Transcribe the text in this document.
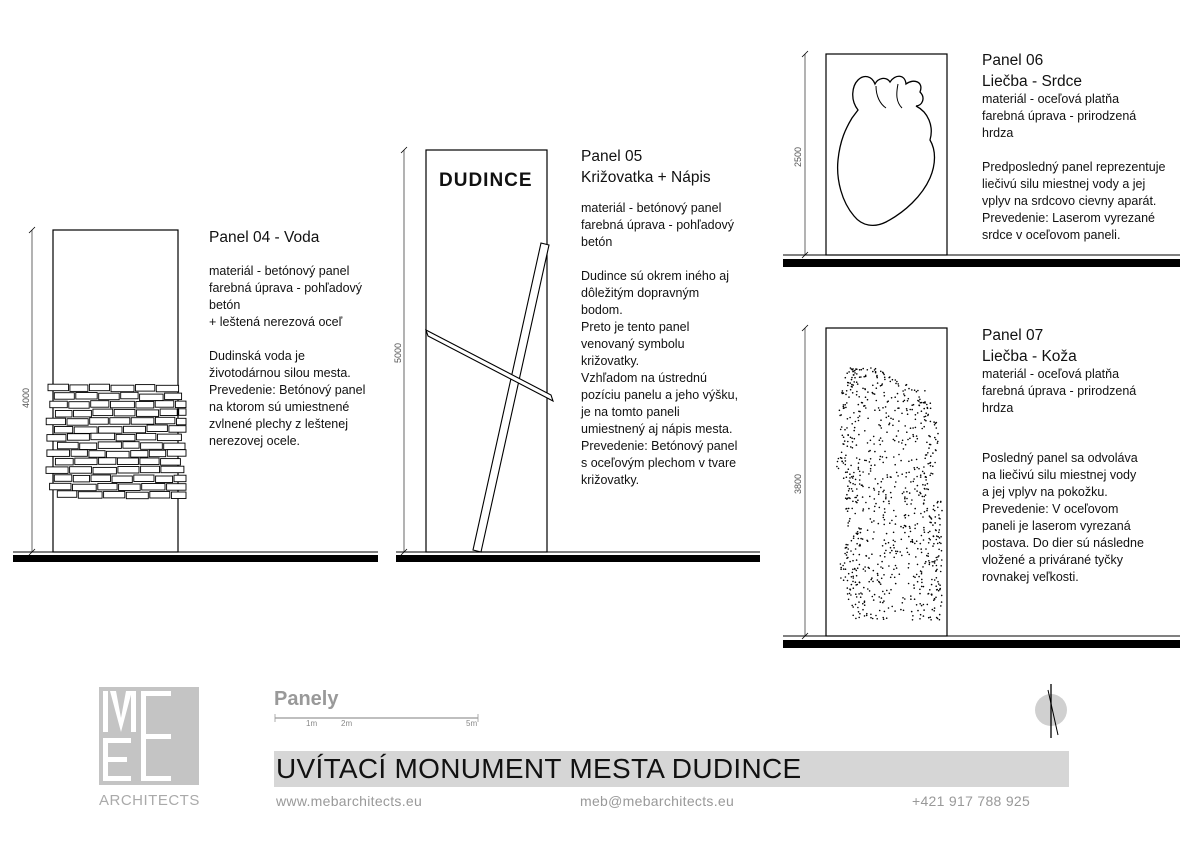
Panel 04 - Voda
materiál - betónový panel
farebná úprava - pohľadový
betón
+ leštená nerezová oceľ
Dudinská voda je
životodárnou silou mesta.
Prevedenie: Betónový panel
na ktorom sú umiestnené
zvlnené plechy z leštenej
nerezovej ocele.
4000
DUDINCE
Panel 05
Križovatka + Nápis
materiál - betónový panel
farebná úprava - pohľadový
betón
Dudince sú okrem iného aj
dôležitým dopravným
bodom.
Preto je tento panel
venovaný symbolu
križovatky.
Vzhľadom na ústrednú
pozíciu panelu a jeho výšku,
je na tomto paneli
umiestnený aj nápis mesta.
Prevedenie: Betónový panel
s oceľovým plechom v tvare
križovatky.
5000
Panel 06
Liečba - Srdce
materiál - oceľová platňa
farebná úprava - prirodzená
hrdza
Predposledný panel reprezentuje
liečivú silu miestnej vody a jej
vplyv na srdcovo cievny aparát.
Prevedenie: Laserom vyrezané
srdce v oceľovom paneli.
2500
Panel 07
Liečba - Koža
materiál - oceľová platňa
farebná úprava - prirodzená
hrdza
Posledný panel sa odvoláva
na liečivú silu miestnej vody
a jej vplyv na pokožku.
Prevedenie: V oceľovom
paneli je laserom vyrezaná
postava. Do dier sú následne
vložené a privárané tyčky
rovnakej veľkosti.
3800
Panely
1m	2m	5m
UVÍTACÍ MONUMENT MESTA DUDINCE
ARCHITECTS	www.mebarchitects.eu	meb@mebarchitects.eu	+421 917 788 925
